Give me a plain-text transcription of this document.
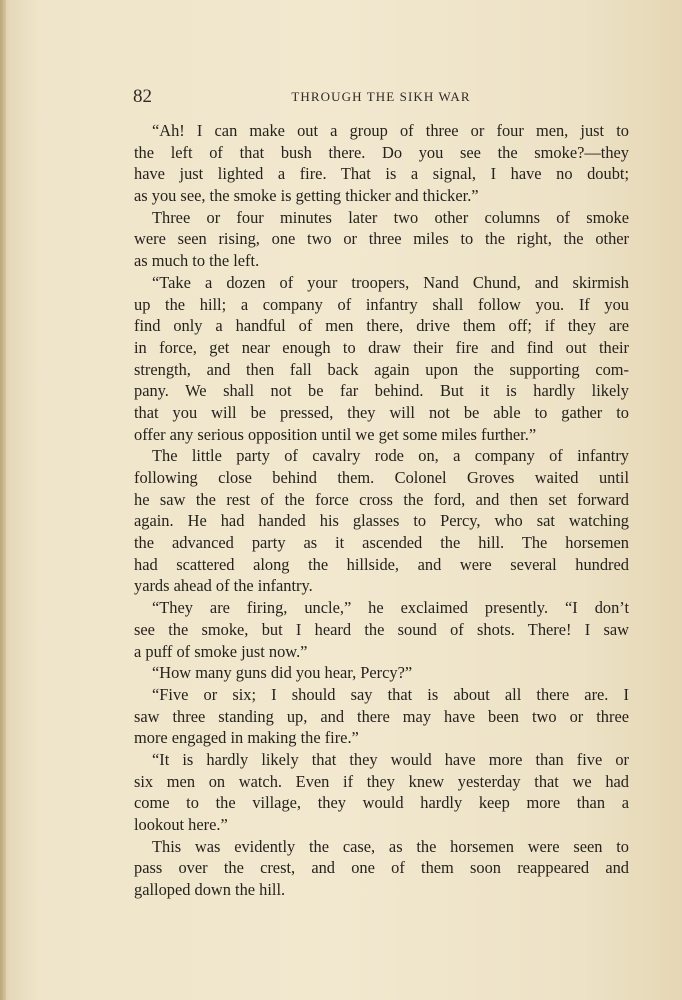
82	THROUGH THE SIKH WAR
“Ah! I can make out a group of three or four men, just to
the left of that bush there. Do you see the smoke?—they
have just lighted a fire. That is a signal, I have no doubt;
as you see, the smoke is getting thicker and thicker.”
Three or four minutes later two other columns of smoke
were seen rising, one two or three miles to the right, the other
as much to the left.
“Take a dozen of your troopers, Nand Chund, and skirmish
up the hill; a company of infantry shall follow you. If you
find only a handful of men there, drive them off; if they are
in force, get near enough to draw their fire and find out their
strength, and then fall back again upon the supporting com-
pany. We shall not be far behind. But it is hardly likely
that you will be pressed, they will not be able to gather to
offer any serious opposition until we get some miles further.”
The little party of cavalry rode on, a company of infantry
following close behind them. Colonel Groves waited until
he saw the rest of the force cross the ford, and then set forward
again. He had handed his glasses to Percy, who sat watching
the advanced party as it ascended the hill. The horsemen
had scattered along the hillside, and were several hundred
yards ahead of the infantry.
“They are firing, uncle,” he exclaimed presently. “I don’t
see the smoke, but I heard the sound of shots. There! I saw
a puff of smoke just now.”
“How many guns did you hear, Percy?”
“Five or six; I should say that is about all there are. I
saw three standing up, and there may have been two or three
more engaged in making the fire.”
“It is hardly likely that they would have more than five or
six men on watch. Even if they knew yesterday that we had
come to the village, they would hardly keep more than a
lookout here.”
This was evidently the case, as the horsemen were seen to
pass over the crest, and one of them soon reappeared and
galloped down the hill.
